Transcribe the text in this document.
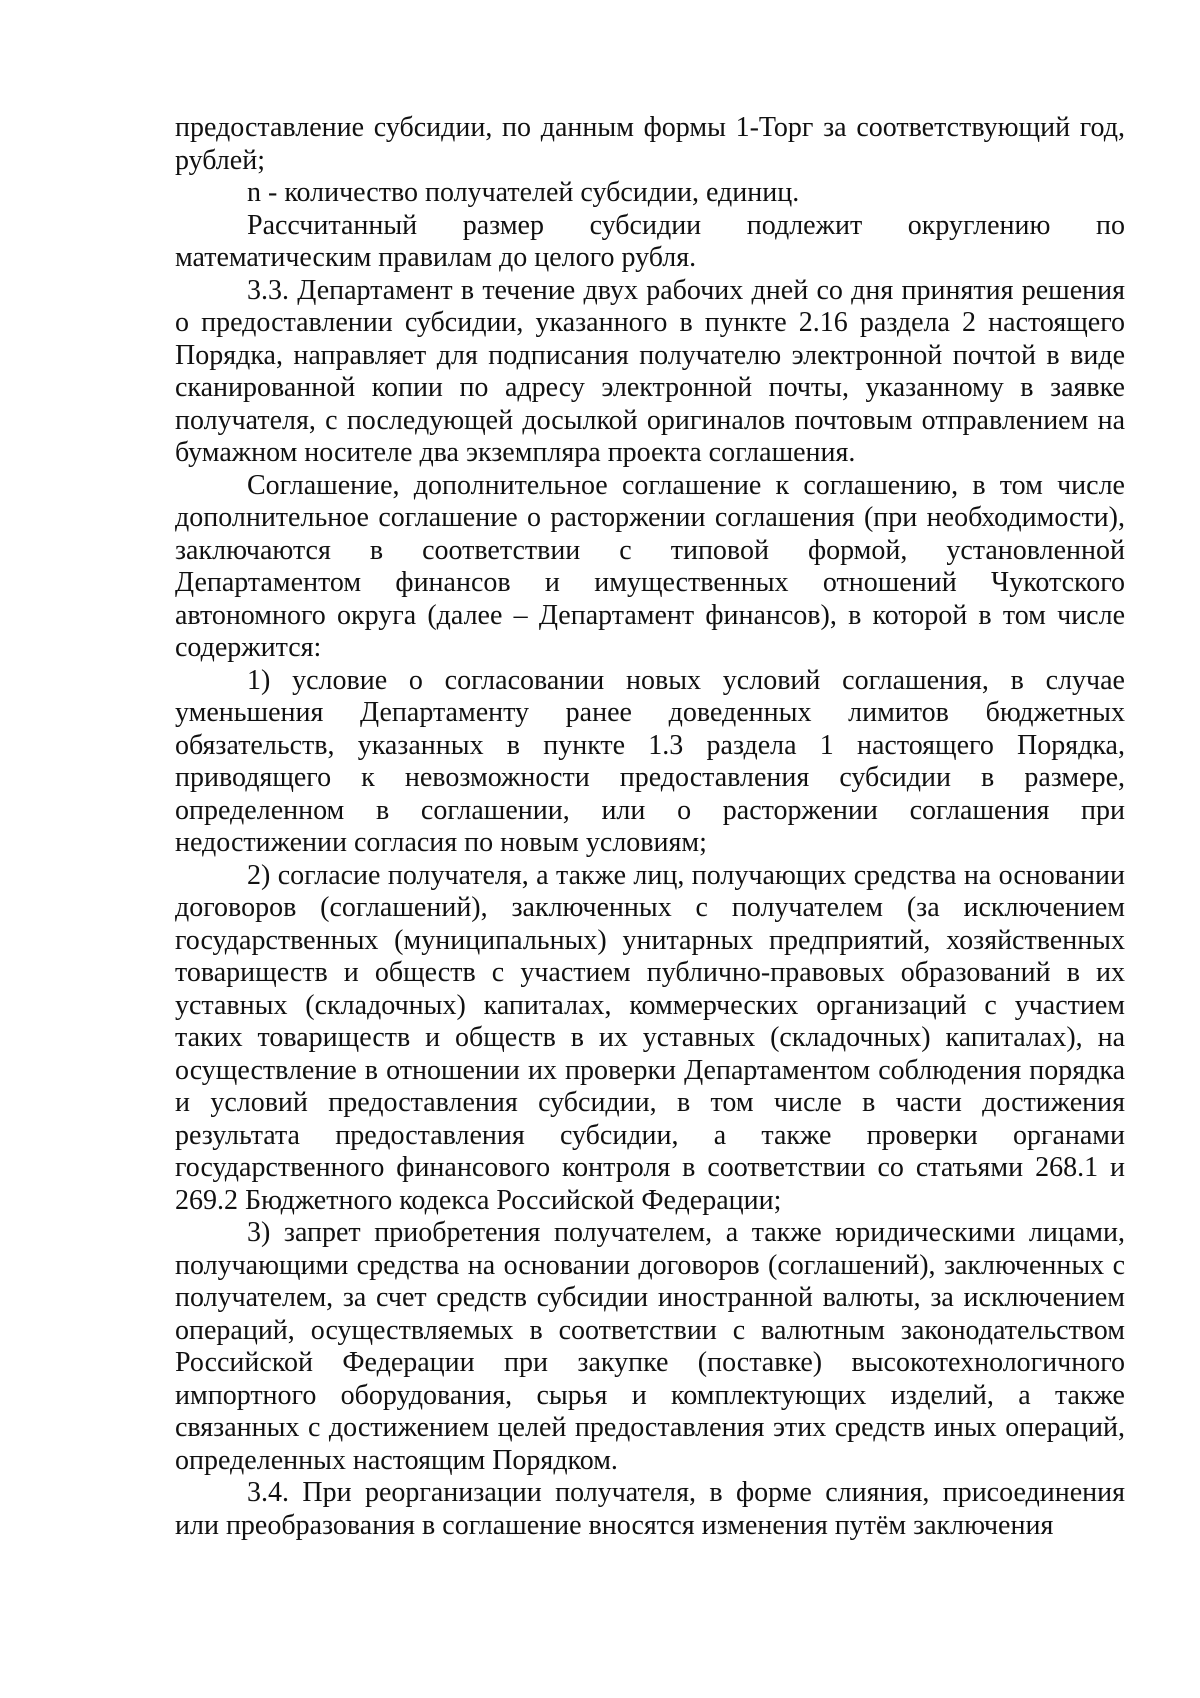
предоставление субсидии, по данным формы 1-Торг за соответствующий год, рублей;

n - количество получателей субсидии, единиц.

Рассчитанный размер субсидии подлежит округлению по математическим правилам до целого рубля.

3.3. Департамент в течение двух рабочих дней со дня принятия решения о предоставлении субсидии, указанного в пункте 2.16 раздела 2 настоящего Порядка, направляет для подписания получателю электронной почтой в виде сканированной копии по адресу электронной почты, указанному в заявке получателя, с последующей досылкой оригиналов почтовым отправлением на бумажном носителе два экземпляра проекта соглашения.

Соглашение, дополнительное соглашение к соглашению, в том числе дополнительное соглашение о расторжении соглашения (при необходимости), заключаются в соответствии с типовой формой, установленной Департаментом финансов и имущественных отношений Чукотского автономного округа (далее – Департамент финансов), в которой в том числе содержится:

1) условие о согласовании новых условий соглашения, в случае уменьшения Департаменту ранее доведенных лимитов бюджетных обязательств, указанных в пункте 1.3 раздела 1 настоящего Порядка, приводящего к невозможности предоставления субсидии в размере, определенном в соглашении, или о расторжении соглашения при недостижении согласия по новым условиям;

2) согласие получателя, а также лиц, получающих средства на основании договоров (соглашений), заключенных с получателем (за исключением государственных (муниципальных) унитарных предприятий, хозяйственных товариществ и обществ с участием публично-правовых образований в их уставных (складочных) капиталах, коммерческих организаций с участием таких товариществ и обществ в их уставных (складочных) капиталах), на осуществление в отношении их проверки Департаментом соблюдения порядка и условий предоставления субсидии, в том числе в части достижения результата предоставления субсидии, а также проверки органами государственного финансового контроля в соответствии со статьями 268.1 и 269.2 Бюджетного кодекса Российской Федерации;

3) запрет приобретения получателем, а также юридическими лицами, получающими средства на основании договоров (соглашений), заключенных с получателем, за счет средств субсидии иностранной валюты, за исключением операций, осуществляемых в соответствии с валютным законодательством Российской Федерации при закупке (поставке) высокотехнологичного импортного оборудования, сырья и комплектующих изделий, а также связанных с достижением целей предоставления этих средств иных операций, определенных настоящим Порядком.

3.4. При реорганизации получателя, в форме слияния, присоединения или преобразования в соглашение вносятся изменения путём заключения
